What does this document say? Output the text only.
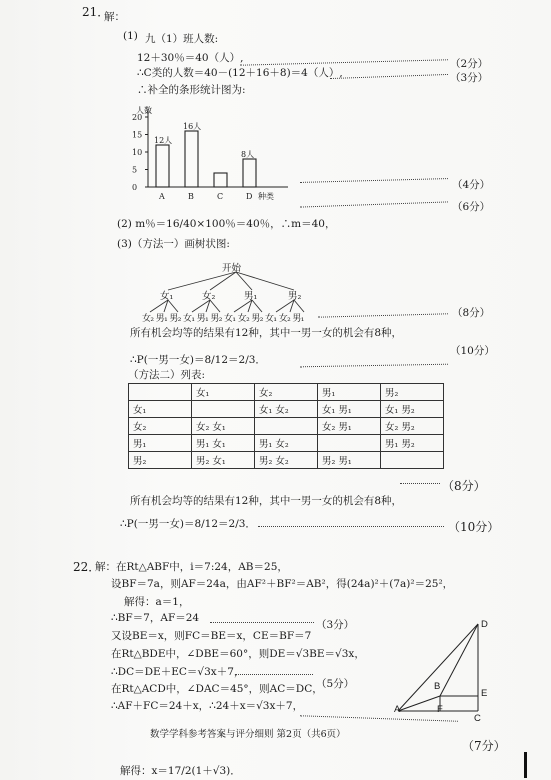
21．
解：
(1) 九（1）班人数:
12＋30％＝40（人）,
∴C类的人数＝40－(12＋16＋8)＝4（人）,
∴补全的条形统计图为:
（2分）
（3分）
人数
0
5
10
15
20
A
12人
B
16人
C	D
8人
种类
（4分）
（6分）
(2) m％＝16/40×100％＝40％，∴m＝40，
(3)（方法一）画树状图:
开始
女₁	女₂	男₁	男₂
女₂ 男₁ 男₂ 女₁ 男₁ 男₂ 女₁ 女₂ 男₂ 女₁ 女₂ 男₁	（8分）
所有机会均等的结果有12种，其中一男一女的机会有8种，
（10分）
∴P(一男一女)＝8/12＝2/3．
（方法二）列表:
	女₁	女₂	男₁	男₂
女₁		女₁ 女₂	女₁ 男₁	女₁ 男₂
女₂	女₂ 女₁		女₂ 男₁	女₂ 男₂
男₁	男₁ 女₁	男₁ 女₂		男₁ 男₂
男₂	男₂ 女₁	男₂ 女₂	男₂ 男₁	
（8分）
所有机会均等的结果有12种，其中一男一女的机会有8种，
∴P(一男一女)＝8/12＝2/3．	（10分）
22．
解：在Rt△ABF中，i＝7:24，AB＝25，
设BF＝7a，则AF＝24a，由AF²＋BF²＝AB²，得(24a)²＋(7a)²＝25²，
解得：a＝1，
∴BF＝7，AF＝24
又设BE＝x，则FC＝BE＝x，CE＝BF＝7
（3分）
在Rt△BDE中，∠DBE＝60°，则DE＝√3BE＝√3x，
∴DC＝DE＋EC＝√3x＋7，
（5分）
在Rt△ACD中，∠DAC＝45°，则AC＝DC，
∴AF＋FC＝24＋x，∴24＋x＝√3x＋7，
（7分）
数学学科参考答案与评分细则 第2页（共6页）
解得：x＝17/2(1＋√3)．
D
B
E
A	F
C
